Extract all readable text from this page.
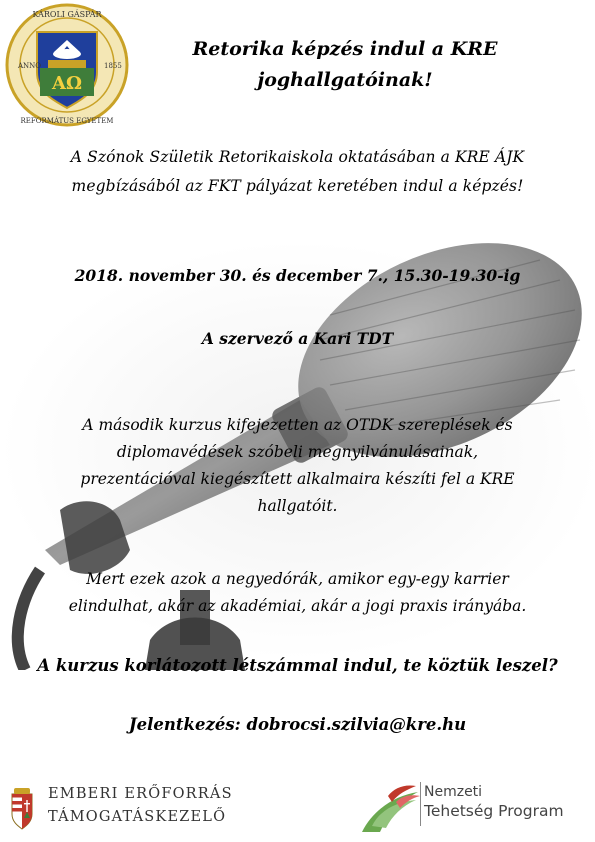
ΑΩ
KÁROLI GÁSPÁR
REFORMÁTUS EGYETEM
ANNO	1855
Retorika képzés indul a KRE
joghallgatóinak!
A Szónok Születik Retorikaiskola oktatásában a KRE ÁJK
megbízásából az FKT pályázat keretében indul a képzés!
2018. november 30. és december 7., 15.30-19.30-ig
A szervező a Kari TDT
A második kurzus kifejezetten az OTDK szereplések és
diplomavédések szóbeli megnyilvánulásainak,
prezentációval kiegészített alkalmaira készíti fel a KRE
hallgatóit.
Mert ezek azok a negyedórák, amikor egy-egy karrier
elindulhat, akár az akadémiai, akár a jogi praxis irányába.
A kurzus korlátozott létszámmal indul, te köztük leszel?
Jelentkezés: dobrocsi.szilvia@kre.hu
EMBERI ERŐFORRÁS
TÁMOGATÁSKEZELŐ
Nemzeti
Tehetség Program
